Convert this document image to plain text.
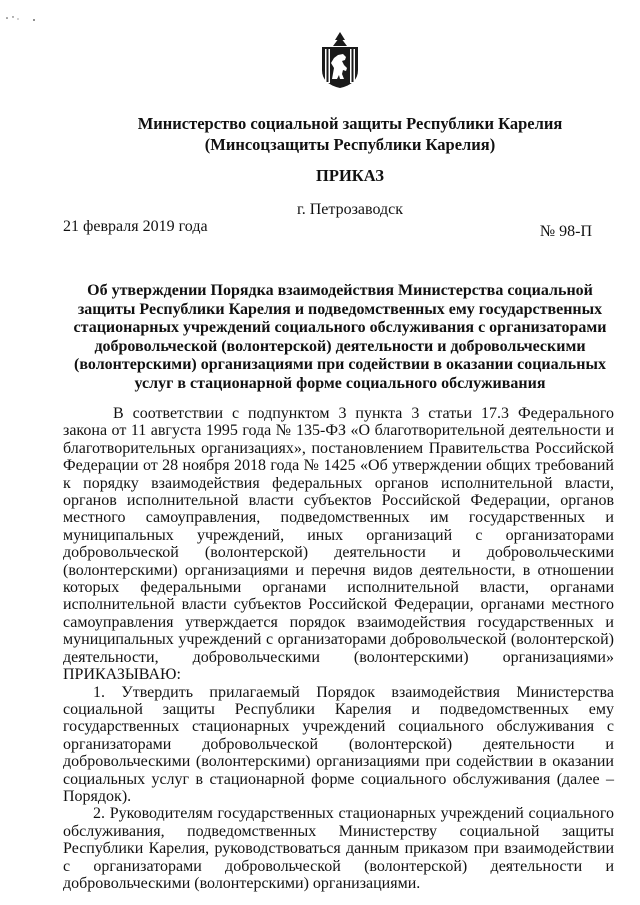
Министерство социальной защиты Республики Карелия
(Минсоцзащиты Республики Карелия)
ПРИКАЗ
г. Петрозаводск
21 февраля 2019 года	№ 98-П
Об утверждении Порядка взаимодействия Министерства социальной защиты Республики Карелия и подведомственных ему государственных стационарных учреждений социального обслуживания с организаторами добровольческой (волонтерской) деятельности и добровольческими (волонтерскими) организациями при содействии в оказании социальных услуг в стационарной форме социального обслуживания

В соответствии с подпунктом 3 пункта 3 статьи 17.3 Федерального закона от 11 августа 1995 года № 135-ФЗ «О благотворительной деятельности и благотворительных организациях», постановлением Правительства Российской Федерации от 28 ноября 2018 года № 1425 «Об утверждении общих требований к порядку взаимодействия федеральных органов исполнительной власти, органов исполнительной власти субъектов Российской Федерации, органов местного самоуправления, подведомственных им государственных и муниципальных учреждений, иных организаций с организаторами добровольческой (волонтерской) деятельности и добровольческими (волонтерскими) организациями и перечня видов деятельности, в отношении которых федеральными органами исполнительной власти, органами исполнительной власти субъектов Российской Федерации, органами местного самоуправления утверждается порядок взаимодействия государственных и муниципальных учреждений с организаторами добровольческой (волонтерской) деятельности, добровольческими (волонтерскими) организациями» ПРИКАЗЫВАЮ:

1. Утвердить прилагаемый Порядок взаимодействия Министерства социальной защиты Республики Карелия и подведомственных ему государственных стационарных учреждений социального обслуживания с организаторами добровольческой (волонтерской) деятельности и добровольческими (волонтерскими) организациями при содействии в оказании социальных услуг в стационарной форме социального обслуживания (далее – Порядок).

2. Руководителям государственных стационарных учреждений социального обслуживания, подведомственных Министерству социальной защиты Республики Карелия, руководствоваться данным приказом при взаимодействии с организаторами добровольческой (волонтерской) деятельности и добровольческими (волонтерскими) организациями.
